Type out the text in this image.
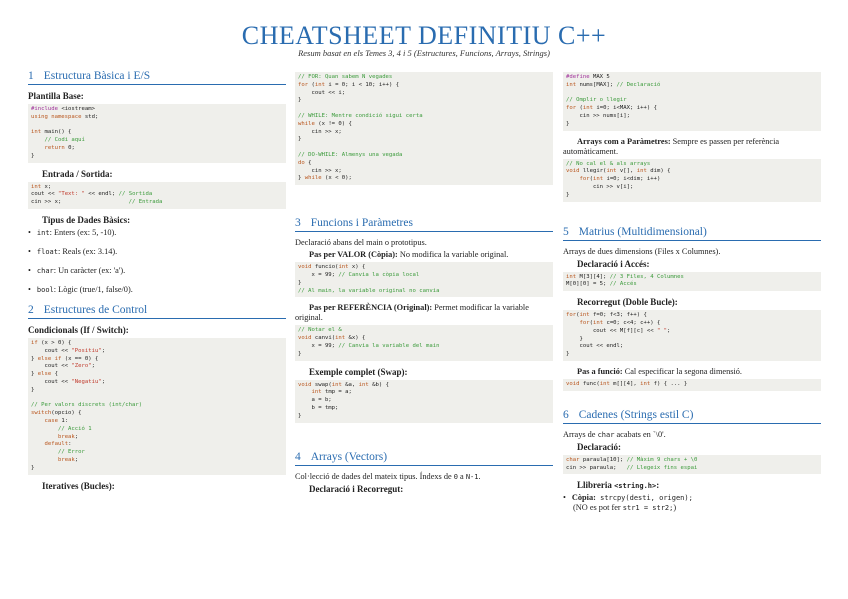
CHEATSHEET DEFINITIU C++
Resum basat en els Temes 3, 4 i 5 (Estructures, Funcions, Arrays, Strings)
1 Estructura Bàsica i E/S
Plantilla Base:
#include <iostream>
using namespace std;

int main() {
// Codi aquí
return 0;
}
Entrada / Sortida:
int x;
cout << "Text: " << endl; // Sortida
cin >> x;                    // Entrada
Tipus de Dades Bàsics:
• int: Enters (ex: 5, -10).
• float: Reals (ex: 3.14).
• char: Un caràcter (ex: 'a').
• bool: Lògic (true/1, false/0).
2 Estructures de Control
Condicionals (If / Switch):
if (x > 0) {
cout << "Positiu";
} else if (x == 0) {
cout << "Zero";
} else {
cout << "Negatiu";
}

// Per valors discrets (int/char)
switch(opcio) {
case 1:
// Acció 1
break;
default:
// Error
break;
}
Iteratives (Bucles):
// FOR: Quan sabem N vegades
for (int i = 0; i < 10; i++) {
cout << i;
}

// WHILE: Mentre condició sigui certa
while (x != 0) {
cin >> x;
}

// DO-WHILE: Almenys una vegada
do {
cin >> x;
} while (x < 0);
3 Funcions i Paràmetres

Declaració abans del main o prototipus.

Pas per VALOR (Còpia): No modifica la variable original.

void funcio(int x) {
x = 99; // Canvia la còpia local
}
// Al main, la variable original no canvia

Pas per REFERÈNCIA (Original): Permet modificar la variable original.

// Notar el &
void canvi(int &x) {
x = 99; // Canvia la variable del main
}
Exemple complet (Swap):
void swap(int &a, int &b) {
int tmp = a;
a = b;
b = tmp;
}
4 Arrays (Vectors)

Col·lecció de dades del mateix tipus. Índexs de 0 a N-1.

Declaració i Recorregut:
#define MAX 5
int nums[MAX]; // Declaració

// Omplir o llegir
for (int i=0; i<MAX; i++) {
cin >> nums[i];
}

Arrays com a Paràmetres: Sempre es passen per referència automàticament.

// No cal el & als arrays
void llegir(int v[], int dim) {
for(int i=0; i<dim; i++)
cin >> v[i];
}
5 Matrius (Multidimensional)

Arrays de dues dimensions (Files x Columnes).

Declaració i Accés:
int M[3][4]; // 3 Files, 4 Columnes
M[0][0] = 5; // Accés
Recorregut (Doble Bucle):
for(int f=0; f<3; f++) {
for(int c=0; c<4; c++) {
cout << M[f][c] << " ";
}
cout << endl;
}

Pas a funció: Cal especificar la segona dimensió.

void func(int m[][4], int f) { ... }
6 Cadenes (Strings estil C)

Arrays de char acabats en `\0'.

Declaració:
char paraula[10]; // Màxim 9 chars + \0
cin >> paraula;   // Llegeix fins espai
Llibreria <string.h>:
• Còpia: strcpy(desti, origen);
(NO es pot fer str1 = str2;)
